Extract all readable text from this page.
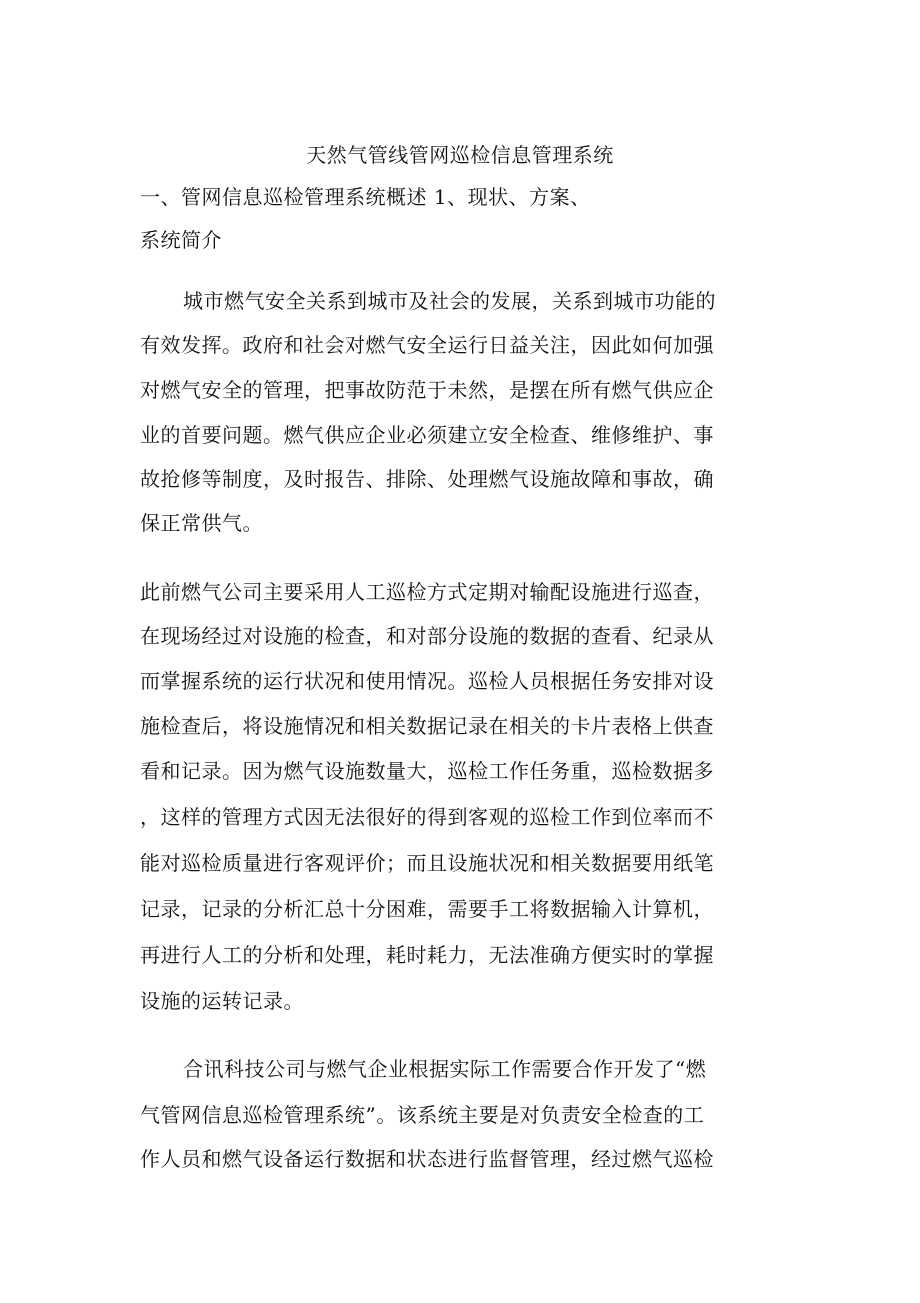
天然气管线管网巡检信息管理系统
一、管网信息巡检管理系统概述 1、现状、方案、
系统简介
城市燃气安全关系到城市及社会的发展，关系到城市功能的
有效发挥。政府和社会对燃气安全运行日益关注，因此如何加强
对燃气安全的管理，把事故防范于未然，是摆在所有燃气供应企
业的首要问题。燃气供应企业必须建立安全检查、维修维护、事
故抢修等制度，及时报告、排除、处理燃气设施故障和事故，确
保正常供气。
此前燃气公司主要采用人工巡检方式定期对输配设施进行巡查，
在现场经过对设施的检查，和对部分设施的数据的查看、纪录从
而掌握系统的运行状况和使用情况。巡检人员根据任务安排对设
施检查后，将设施情况和相关数据记录在相关的卡片表格上供查
看和记录。因为燃气设施数量大，巡检工作任务重，巡检数据多
，这样的管理方式因无法很好的得到客观的巡检工作到位率而不
能对巡检质量进行客观评价；而且设施状况和相关数据要用纸笔
记录，记录的分析汇总十分困难，需要手工将数据输入计算机，
再进行人工的分析和处理，耗时耗力，无法准确方便实时的掌握
设施的运转记录。
合讯科技公司与燃气企业根据实际工作需要合作开发了“燃
气管网信息巡检管理系统”。该系统主要是对负责安全检查的工
作人员和燃气设备运行数据和状态进行监督管理，经过燃气巡检
